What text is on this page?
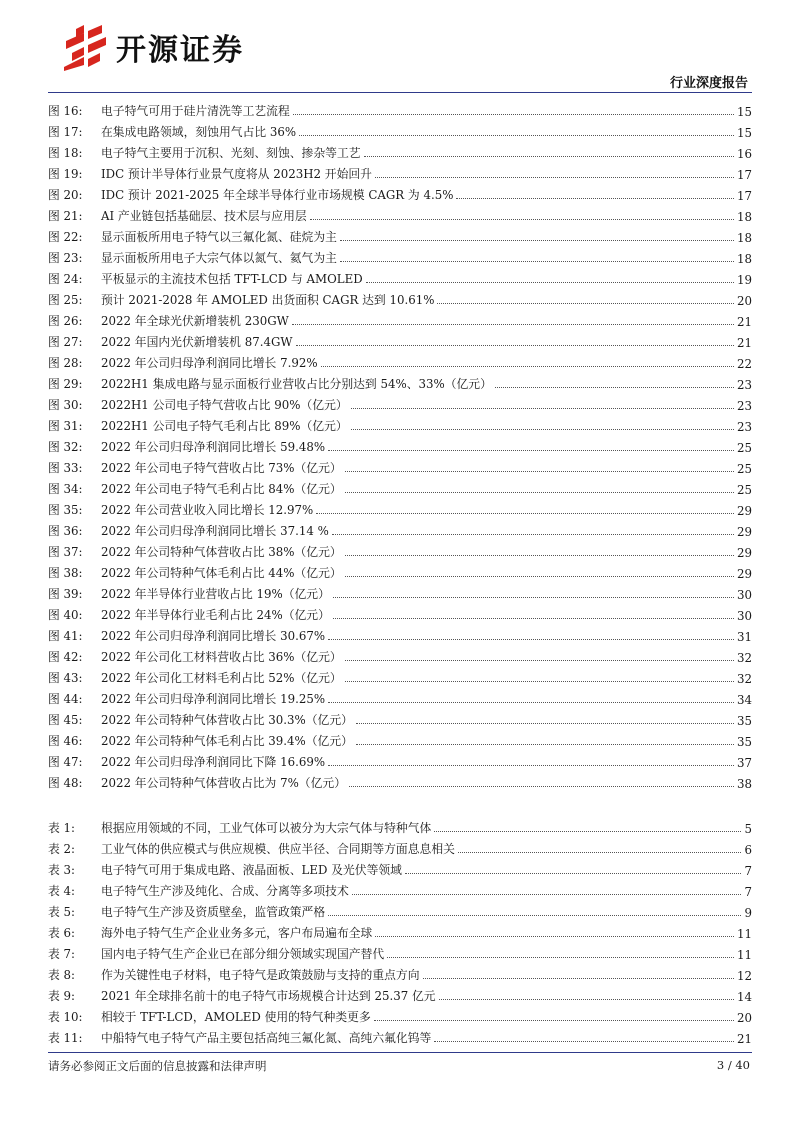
开源证券
行业深度报告
图 16:	电子特气可用于硅片清洗等工艺流程	15
图 17:	在集成电路领域，刻蚀用气占比 36%	15
图 18:	电子特气主要用于沉积、光刻、刻蚀、掺杂等工艺	16
图 19:	IDC 预计半导体行业景气度将从 2023H2 开始回升	17
图 20:	IDC 预计 2021-2025 年全球半导体行业市场规模 CAGR 为 4.5%	17
图 21:	AI 产业链包括基础层、技术层与应用层	18
图 22:	显示面板所用电子特气以三氟化氮、硅烷为主	18
图 23:	显示面板所用电子大宗气体以氮气、氦气为主	18
图 24:	平板显示的主流技术包括 TFT-LCD 与 AMOLED	19
图 25:	预计 2021-2028 年 AMOLED 出货面积 CAGR 达到 10.61%	20
图 26:	2022 年全球光伏新增装机 230GW	21
图 27:	2022 年国内光伏新增装机 87.4GW	21
图 28:	2022 年公司归母净利润同比增长 7.92%	22
图 29:	2022H1 集成电路与显示面板行业营收占比分别达到 54%、33%（亿元）	23
图 30:	2022H1 公司电子特气营收占比 90%（亿元）	23
图 31:	2022H1 公司电子特气毛利占比 89%（亿元）	23
图 32:	2022 年公司归母净利润同比增长 59.48%	25
图 33:	2022 年公司电子特气营收占比 73%（亿元）	25
图 34:	2022 年公司电子特气毛利占比 84%（亿元）	25
图 35:	2022 年公司营业收入同比增长 12.97%	29
图 36:	2022 年公司归母净利润同比增长 37.14 %	29
图 37:	2022 年公司特种气体营收占比 38%（亿元）	29
图 38:	2022 年公司特种气体毛利占比 44%（亿元）	29
图 39:	2022 年半导体行业营收占比 19%（亿元）	30
图 40:	2022 年半导体行业毛利占比 24%（亿元）	30
图 41:	2022 年公司归母净利润同比增长 30.67%	31
图 42:	2022 年公司化工材料营收占比 36%（亿元）	32
图 43:	2022 年公司化工材料毛利占比 52%（亿元）	32
图 44:	2022 年公司归母净利润同比增长 19.25%	34
图 45:	2022 年公司特种气体营收占比 30.3%（亿元）	35
图 46:	2022 年公司特种气体毛利占比 39.4%（亿元）	35
图 47:	2022 年公司归母净利润同比下降 16.69%	37
图 48:	2022 年公司特种气体营收占比为 7%（亿元）	38
表 1:	根据应用领域的不同，工业气体可以被分为大宗气体与特种气体	5
表 2:	工业气体的供应模式与供应规模、供应半径、合同期等方面息息相关	6
表 3:	电子特气可用于集成电路、液晶面板、LED 及光伏等领域	7
表 4:	电子特气生产涉及纯化、合成、分离等多项技术	7
表 5:	电子特气生产涉及资质壁垒，监管政策严格	9
表 6:	海外电子特气生产企业业务多元，客户布局遍布全球	11
表 7:	国内电子特气生产企业已在部分细分领域实现国产替代	11
表 8:	作为关键性电子材料，电子特气是政策鼓励与支持的重点方向	12
表 9:	2021 年全球排名前十的电子特气市场规模合计达到 25.37 亿元	14
表 10:	相较于 TFT-LCD，AMOLED 使用的特气种类更多	20
表 11:	中船特气电子特气产品主要包括高纯三氟化氮、高纯六氟化钨等	21
请务必参阅正文后面的信息披露和法律声明	3 / 40
